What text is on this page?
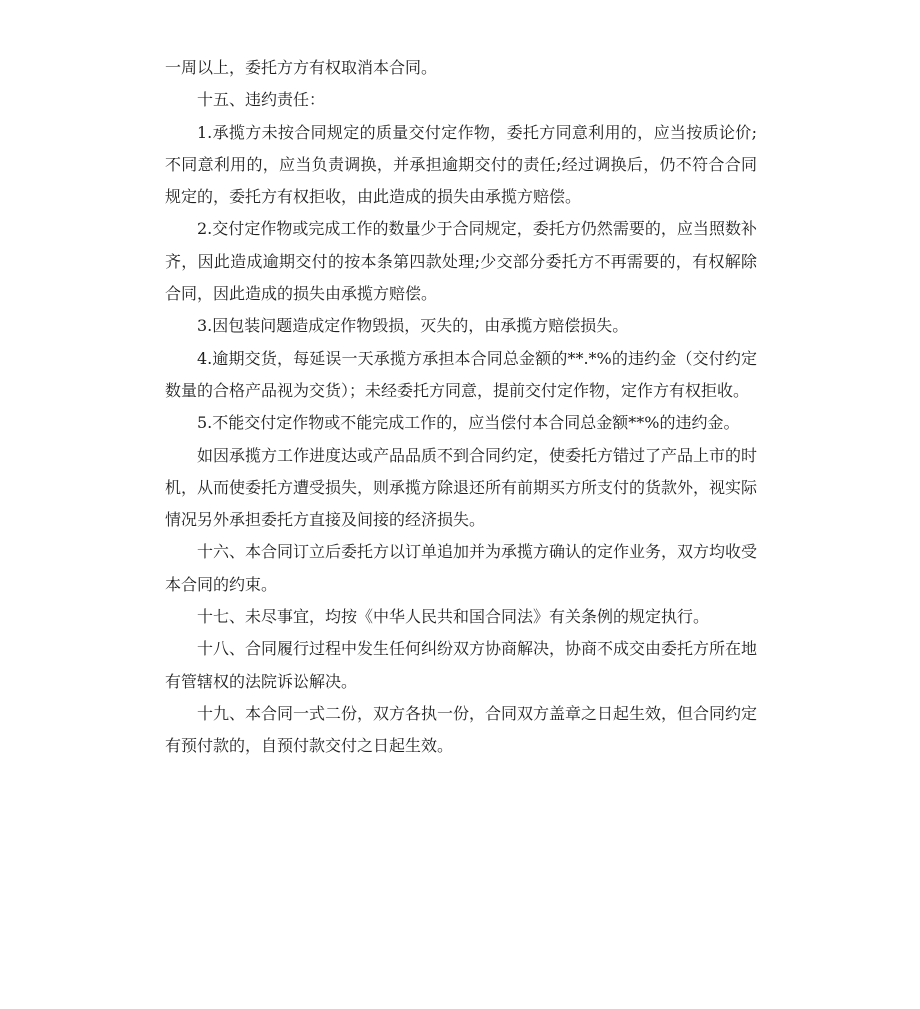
一周以上，委托方方有权取消本合同。

十五、违约责任：

1.承揽方未按合同规定的质量交付定作物，委托方同意利用的，应当按质论价;不同意利用的，应当负责调换，并承担逾期交付的责任;经过调换后，仍不符合合同规定的，委托方有权拒收，由此造成的损失由承揽方赔偿。

2.交付定作物或完成工作的数量少于合同规定，委托方仍然需要的，应当照数补齐，因此造成逾期交付的按本条第四款处理;少交部分委托方不再需要的，有权解除合同，因此造成的损失由承揽方赔偿。

3.因包装问题造成定作物毁损，灭失的，由承揽方赔偿损失。

4.逾期交货，每延误一天承揽方承担本合同总金额的**.*%的违约金（交付约定数量的合格产品视为交货）；未经委托方同意，提前交付定作物，定作方有权拒收。

5.不能交付定作物或不能完成工作的，应当偿付本合同总金额**%的违约金。

如因承揽方工作进度达或产品品质不到合同约定，使委托方错过了产品上市的时机，从而使委托方遭受损失，则承揽方除退还所有前期买方所支付的货款外，视实际情况另外承担委托方直接及间接的经济损失。

十六、本合同订立后委托方以订单追加并为承揽方确认的定作业务，双方均收受本合同的约束。

十七、未尽事宜，均按《中华人民共和国合同法》有关条例的规定执行。

十八、合同履行过程中发生任何纠纷双方协商解决，协商不成交由委托方所在地有管辖权的法院诉讼解决。

十九、本合同一式二份，双方各执一份，合同双方盖章之日起生效，但合同约定有预付款的，自预付款交付之日起生效。
